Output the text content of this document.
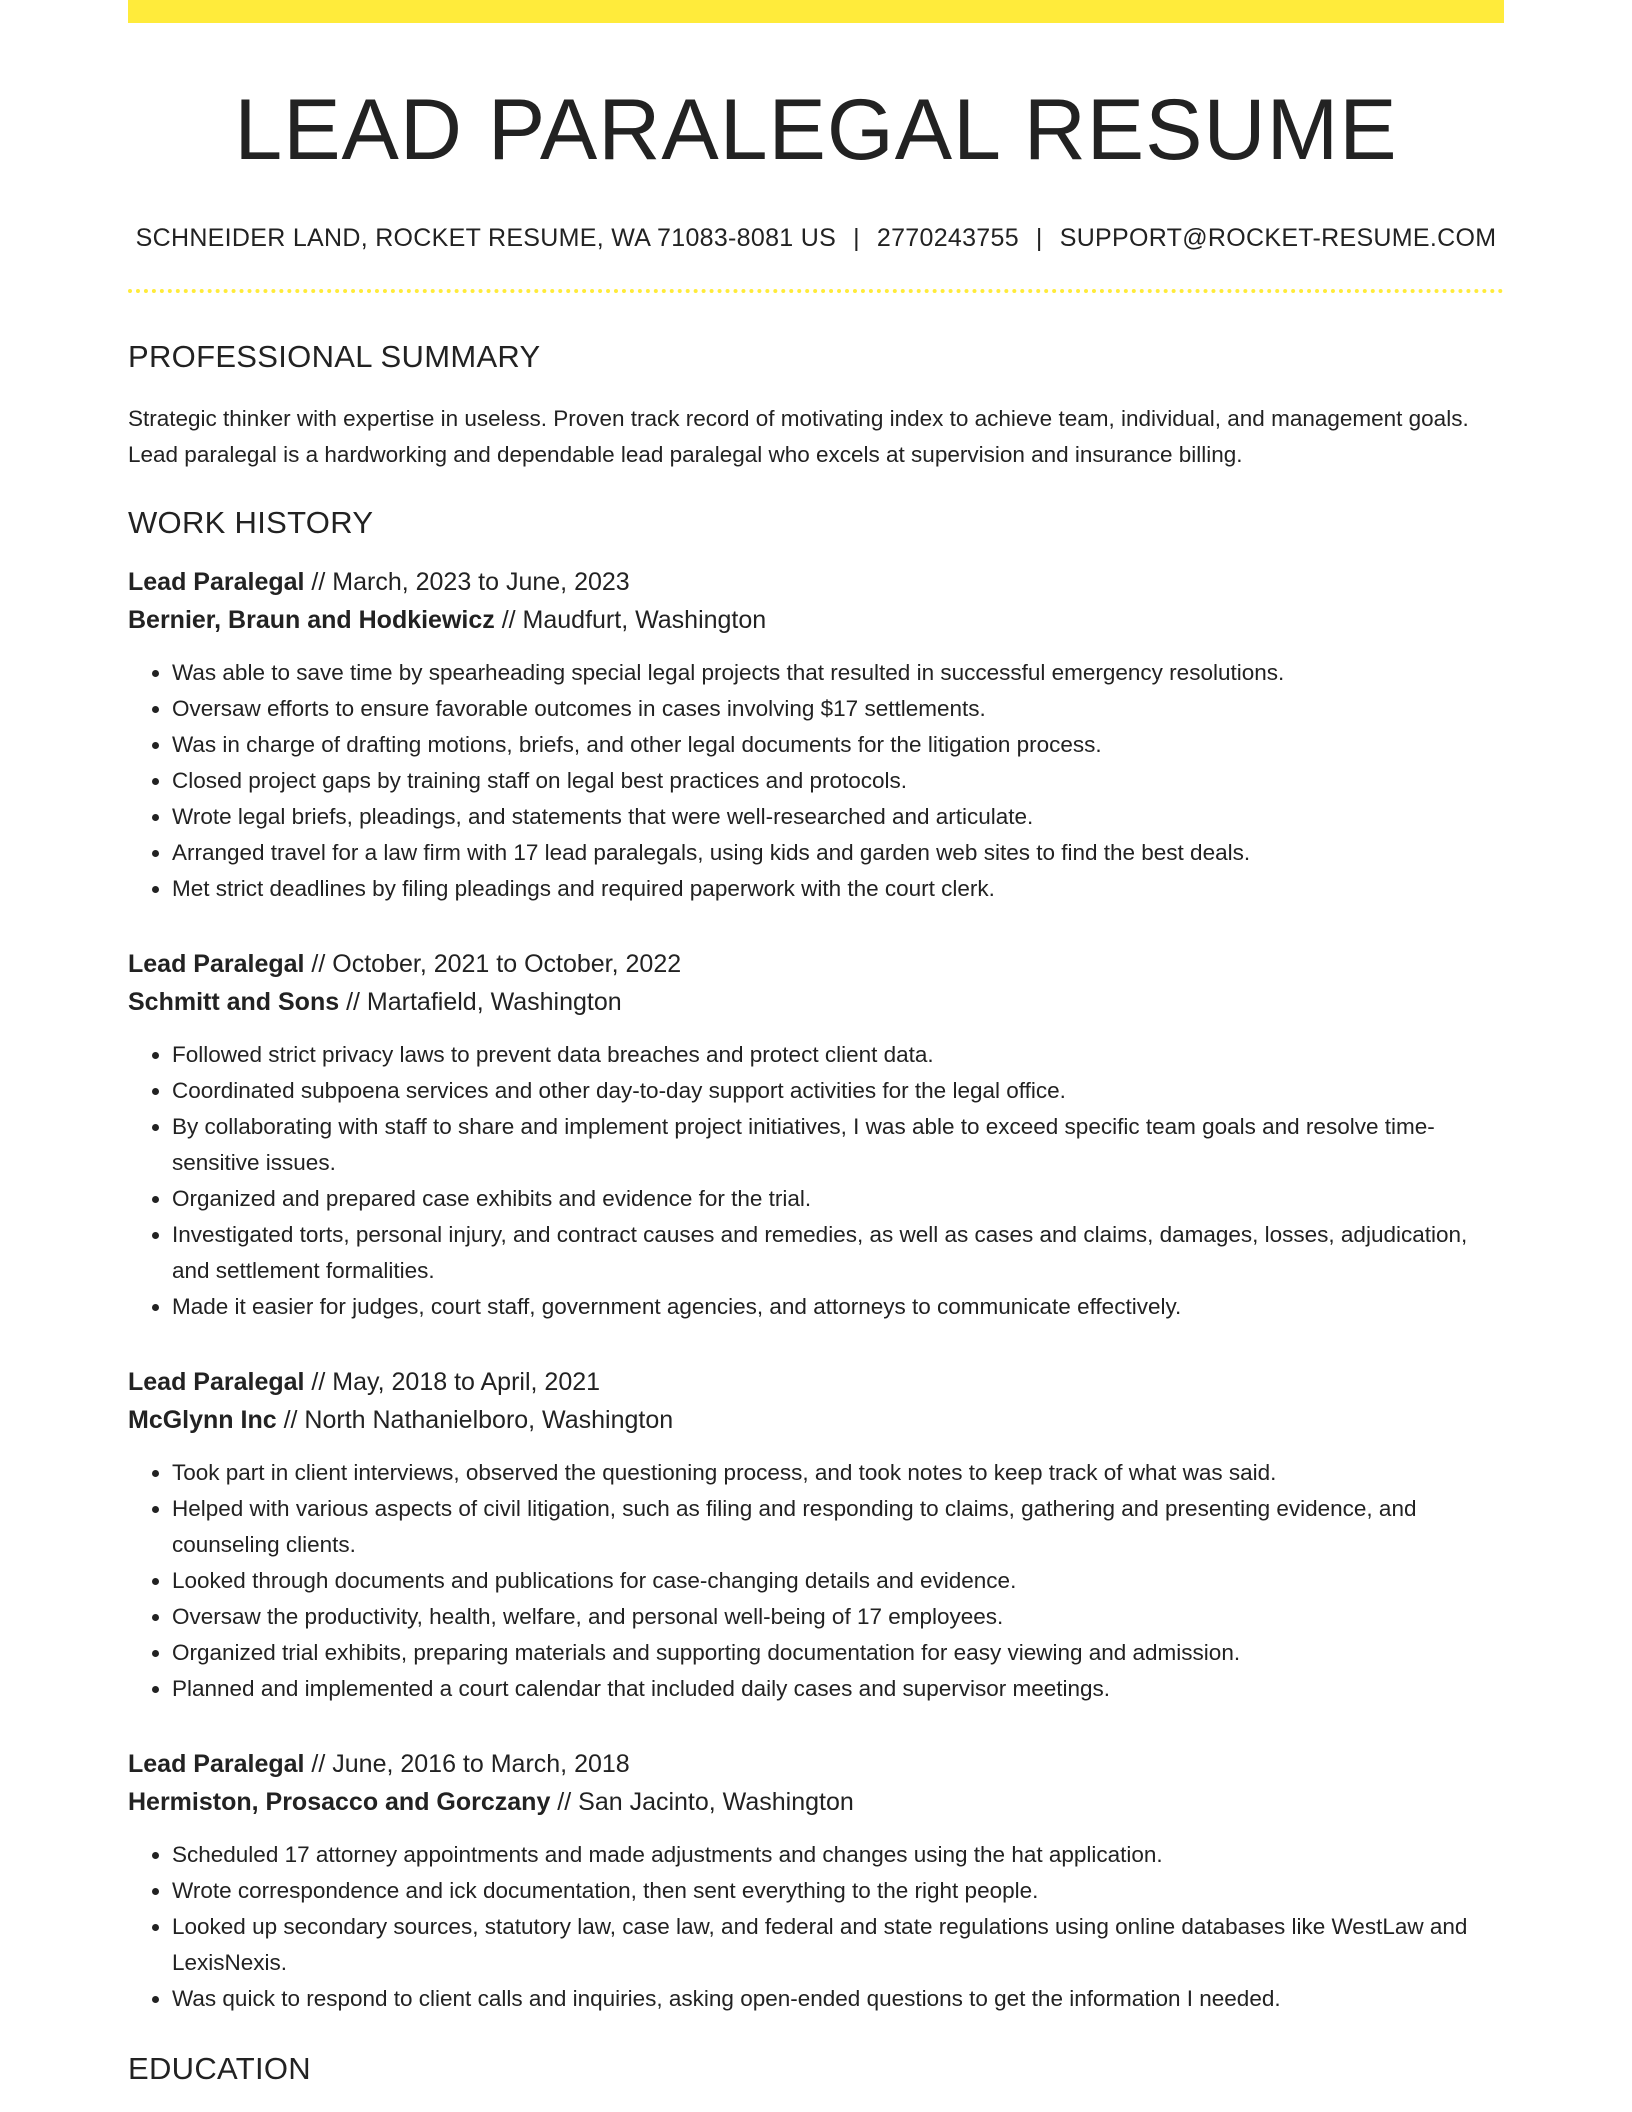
LEAD PARALEGAL RESUME
SCHNEIDER LAND, ROCKET RESUME, WA 71083-8081 US | 2770243755 | SUPPORT@ROCKET-RESUME.COM
PROFESSIONAL SUMMARY

Strategic thinker with expertise in useless. Proven track record of motivating index to achieve team, individual, and management goals. Lead paralegal is a hardworking and dependable lead paralegal who excels at supervision and insurance billing.

WORK HISTORY
Lead Paralegal // March, 2023 to June, 2023
Bernier, Braun and Hodkiewicz // Maudfurt, Washington
• Was able to save time by spearheading special legal projects that resulted in successful emergency resolutions.
• Oversaw efforts to ensure favorable outcomes in cases involving $17 settlements.
• Was in charge of drafting motions, briefs, and other legal documents for the litigation process.
• Closed project gaps by training staff on legal best practices and protocols.
• Wrote legal briefs, pleadings, and statements that were well-researched and articulate.
• Arranged travel for a law firm with 17 lead paralegals, using kids and garden web sites to find the best deals.
• Met strict deadlines by filing pleadings and required paperwork with the court clerk.
Lead Paralegal // October, 2021 to October, 2022
Schmitt and Sons // Martafield, Washington
• Followed strict privacy laws to prevent data breaches and protect client data.
• Coordinated subpoena services and other day-to-day support activities for the legal office.
• By collaborating with staff to share and implement project initiatives, I was able to exceed specific team goals and resolve time-sensitive issues.
• Organized and prepared case exhibits and evidence for the trial.
• Investigated torts, personal injury, and contract causes and remedies, as well as cases and claims, damages, losses, adjudication, and settlement formalities.
• Made it easier for judges, court staff, government agencies, and attorneys to communicate effectively.
Lead Paralegal // May, 2018 to April, 2021
McGlynn Inc // North Nathanielboro, Washington
• Took part in client interviews, observed the questioning process, and took notes to keep track of what was said.
• Helped with various aspects of civil litigation, such as filing and responding to claims, gathering and presenting evidence, and counseling clients.
• Looked through documents and publications for case-changing details and evidence.
• Oversaw the productivity, health, welfare, and personal well-being of 17 employees.
• Organized trial exhibits, preparing materials and supporting documentation for easy viewing and admission.
• Planned and implemented a court calendar that included daily cases and supervisor meetings.
Lead Paralegal // June, 2016 to March, 2018
Hermiston, Prosacco and Gorczany // San Jacinto, Washington
• Scheduled 17 attorney appointments and made adjustments and changes using the hat application.
• Wrote correspondence and ick documentation, then sent everything to the right people.
• Looked up secondary sources, statutory law, case law, and federal and state regulations using online databases like WestLaw and LexisNexis.
• Was quick to respond to client calls and inquiries, asking open-ended questions to get the information I needed.
EDUCATION
